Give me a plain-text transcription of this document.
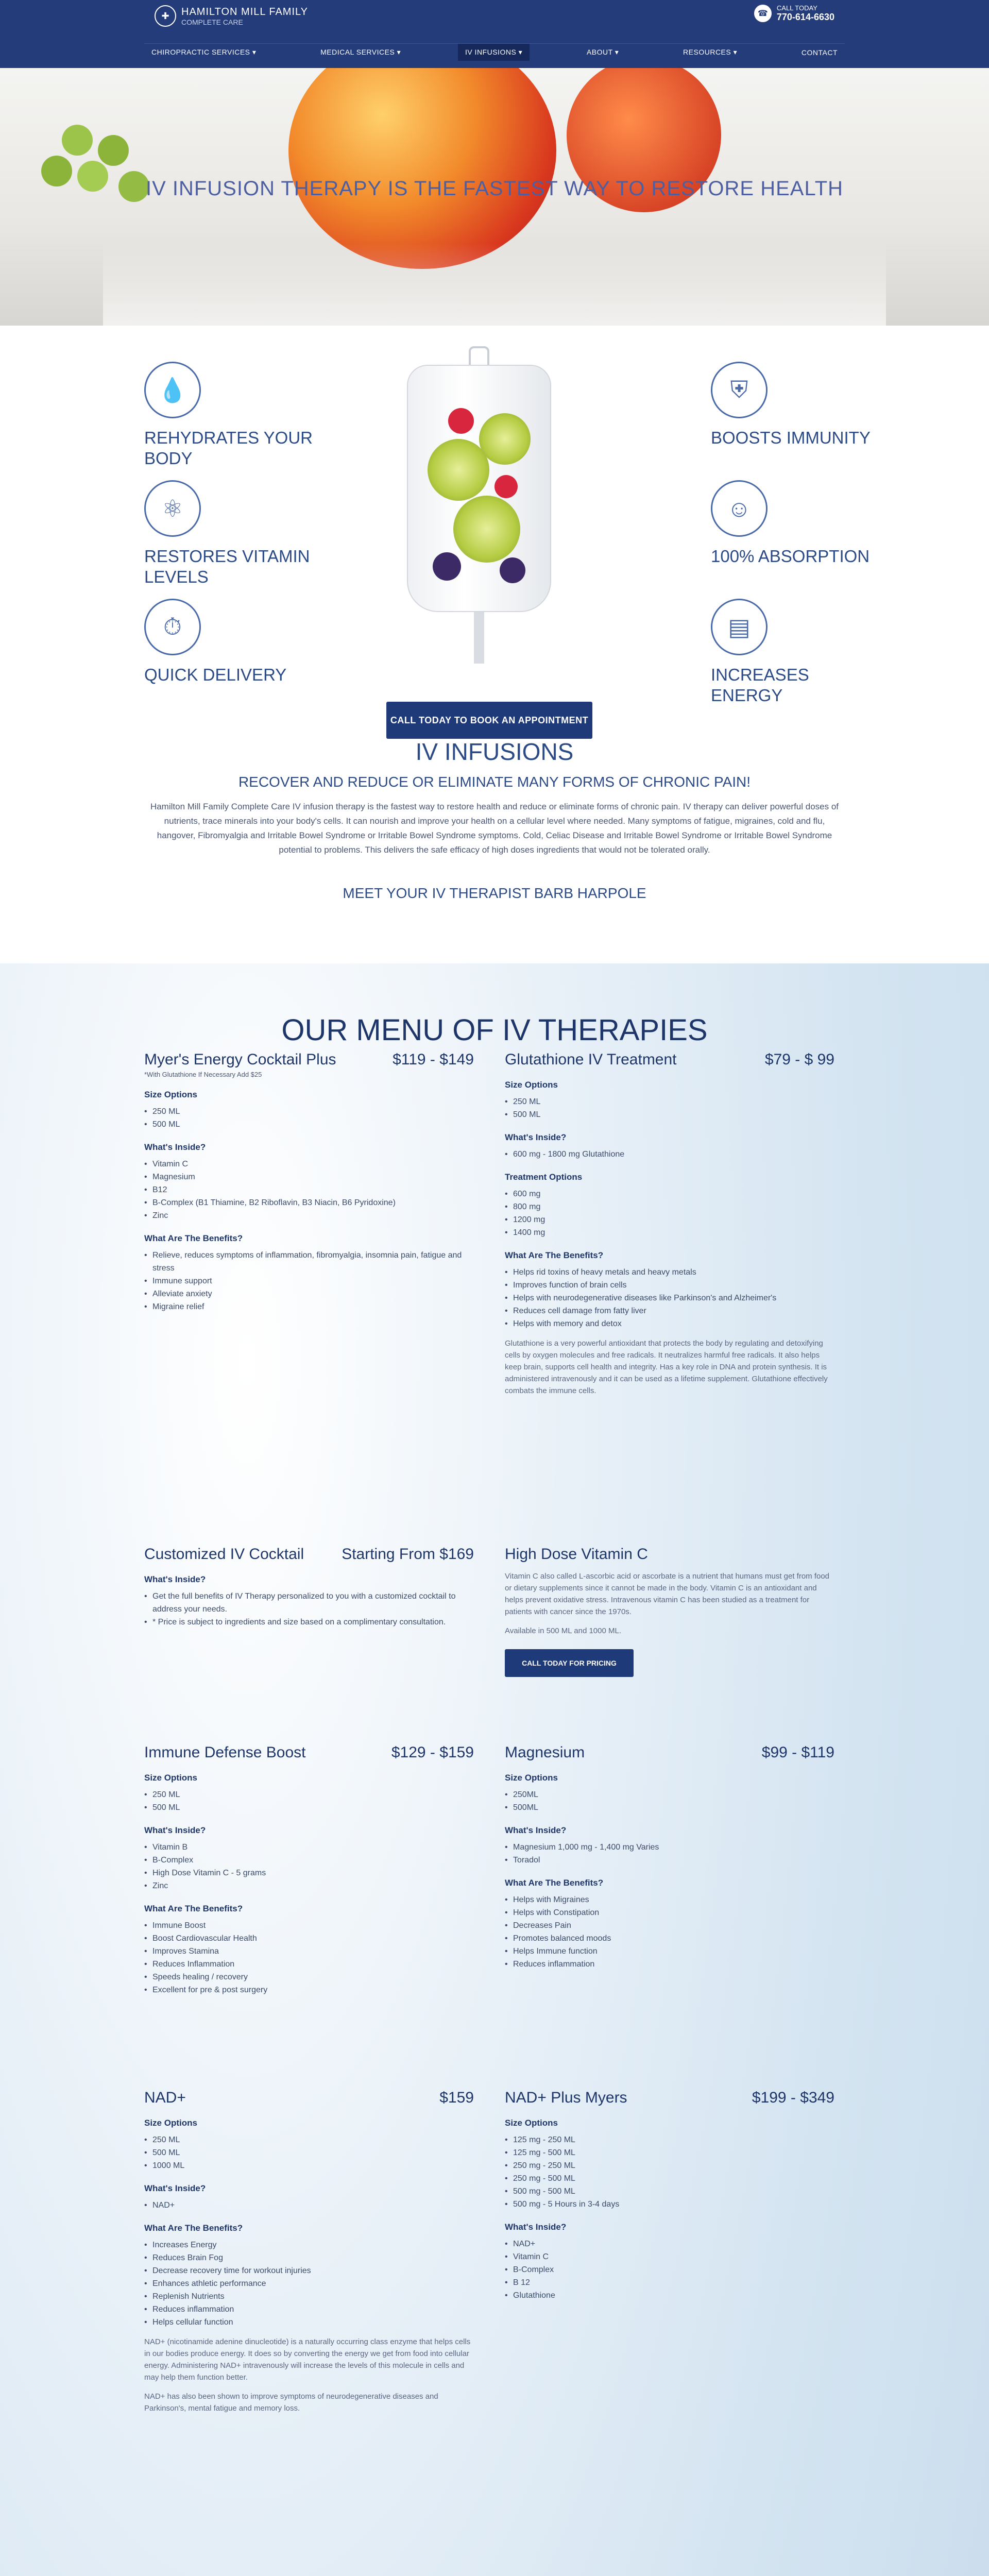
✚	HAMILTON MILL FAMILY
COMPLETE CARE
☎
CALL TODAY
770-614-6630
CHIROPRACTIC SERVICES ▾	MEDICAL SERVICES ▾	IV INFUSIONS ▾	ABOUT ▾	RESOURCES ▾	CONTACT
IV INFUSION THERAPY IS THE FASTEST WAY TO RESTORE HEALTH
💧
REHYDRATES YOUR BODY
⚛
RESTORES VITAMIN LEVELS
⏱
QUICK DELIVERY
⛨
BOOSTS IMMUNITY
☺
100% ABSORPTION
▤
INCREASES ENERGY
CALL TODAY TO BOOK AN APPOINTMENT
IV INFUSIONS
RECOVER AND REDUCE OR ELIMINATE MANY FORMS OF CHRONIC PAIN!

Hamilton Mill Family Complete Care IV infusion therapy is the fastest way to restore health and reduce or eliminate forms of chronic pain. IV therapy can deliver powerful doses of nutrients, trace minerals into your body's cells. It can nourish and improve your health on a cellular level where needed. Many symptoms of fatigue, migraines, cold and flu, hangover, Fibromyalgia and Irritable Bowel Syndrome or Irritable Bowel Syndrome symptoms. Cold, Celiac Disease and Irritable Bowel Syndrome or Irritable Bowel Syndrome potential to problems. This delivers the safe efficacy of high doses ingredients that would not be tolerated orally.

MEET YOUR IV THERAPIST BARB HARPOLE
OUR MENU OF IV THERAPIES
Myer's Energy Cocktail Plus	$119 - $149
*With Glutathione If Necessary Add $25
Size Options
• 250 ML
• 500 ML
What's Inside?
• Vitamin C
• Magnesium
• B12
• B-Complex (B1 Thiamine, B2 Riboflavin, B3 Niacin, B6 Pyridoxine)
• Zinc
What Are The Benefits?
• Relieve, reduces symptoms of inflammation, fibromyalgia, insomnia pain, fatigue and stress
• Immune support
• Alleviate anxiety
• Migraine relief
Glutathione IV Treatment	$79 - $ 99
Size Options
• 250 ML
• 500 ML
What's Inside?
• 600 mg - 1800 mg Glutathione
Treatment Options
• 600 mg
• 800 mg
• 1200 mg
• 1400 mg
What Are The Benefits?
• Helps rid toxins of heavy metals and heavy metals
• Improves function of brain cells
• Helps with neurodegenerative diseases like Parkinson's and Alzheimer's
• Reduces cell damage from fatty liver
• Helps with memory and detox

Glutathione is a very powerful antioxidant that protects the body by regulating and detoxifying cells by oxygen molecules and free radicals. It neutralizes harmful free radicals. It also helps keep brain, supports cell health and integrity. Has a key role in DNA and protein synthesis. It is administered intravenously and it can be used as a lifetime supplement. Glutathione effectively combats the immune cells.

Customized IV Cocktail Starting From $169
What's Inside?
• Get the full benefits of IV Therapy personalized to you with a customized cocktail to address your needs.
• * Price is subject to ingredients and size based on a complimentary consultation.
High Dose Vitamin C

Vitamin C also called L-ascorbic acid or ascorbate is a nutrient that humans must get from food or dietary supplements since it cannot be made in the body. Vitamin C is an antioxidant and helps prevent oxidative stress. Intravenous vitamin C has been studied as a treatment for patients with cancer since the 1970s.

Available in 500 ML and 1000 ML.

CALL TODAY FOR PRICING
Immune Defense Boost	$129 - $159
Size Options
• 250 ML
• 500 ML
What's Inside?
• Vitamin B
• B-Complex
• High Dose Vitamin C - 5 grams
• Zinc
What Are The Benefits?
• Immune Boost
• Boost Cardiovascular Health
• Improves Stamina
• Reduces Inflammation
• Speeds healing / recovery
• Excellent for pre & post surgery
Magnesium	$99 - $119
Size Options
• 250ML
• 500ML
What's Inside?
• Magnesium 1,000 mg - 1,400 mg Varies
• Toradol
What Are The Benefits?
• Helps with Migraines
• Helps with Constipation
• Decreases Pain
• Promotes balanced moods
• Helps Immune function
• Reduces inflammation
NAD+	$159
Size Options
• 250 ML
• 500 ML
• 1000 ML
What's Inside?
• NAD+
What Are The Benefits?
• Increases Energy
• Reduces Brain Fog
• Decrease recovery time for workout injuries
• Enhances athletic performance
• Replenish Nutrients
• Reduces inflammation
• Helps cellular function

NAD+ (nicotinamide adenine dinucleotide) is a naturally occurring class enzyme that helps cells in our bodies produce energy. It does so by converting the energy we get from food into cellular energy. Administering NAD+ intravenously will increase the levels of this molecule in cells and may help them function better.

NAD+ has also been shown to improve symptoms of neurodegenerative diseases and Parkinson's, mental fatigue and memory loss.

NAD+ Plus Myers	$199 - $349
Size Options
• 125 mg - 250 ML
• 125 mg - 500 ML
• 250 mg - 250 ML
• 250 mg - 500 ML
• 500 mg - 500 ML
• 500 mg - 5 Hours in 3-4 days
What's Inside?
• NAD+
• Vitamin C
• B-Complex
• B 12
• Glutathione
